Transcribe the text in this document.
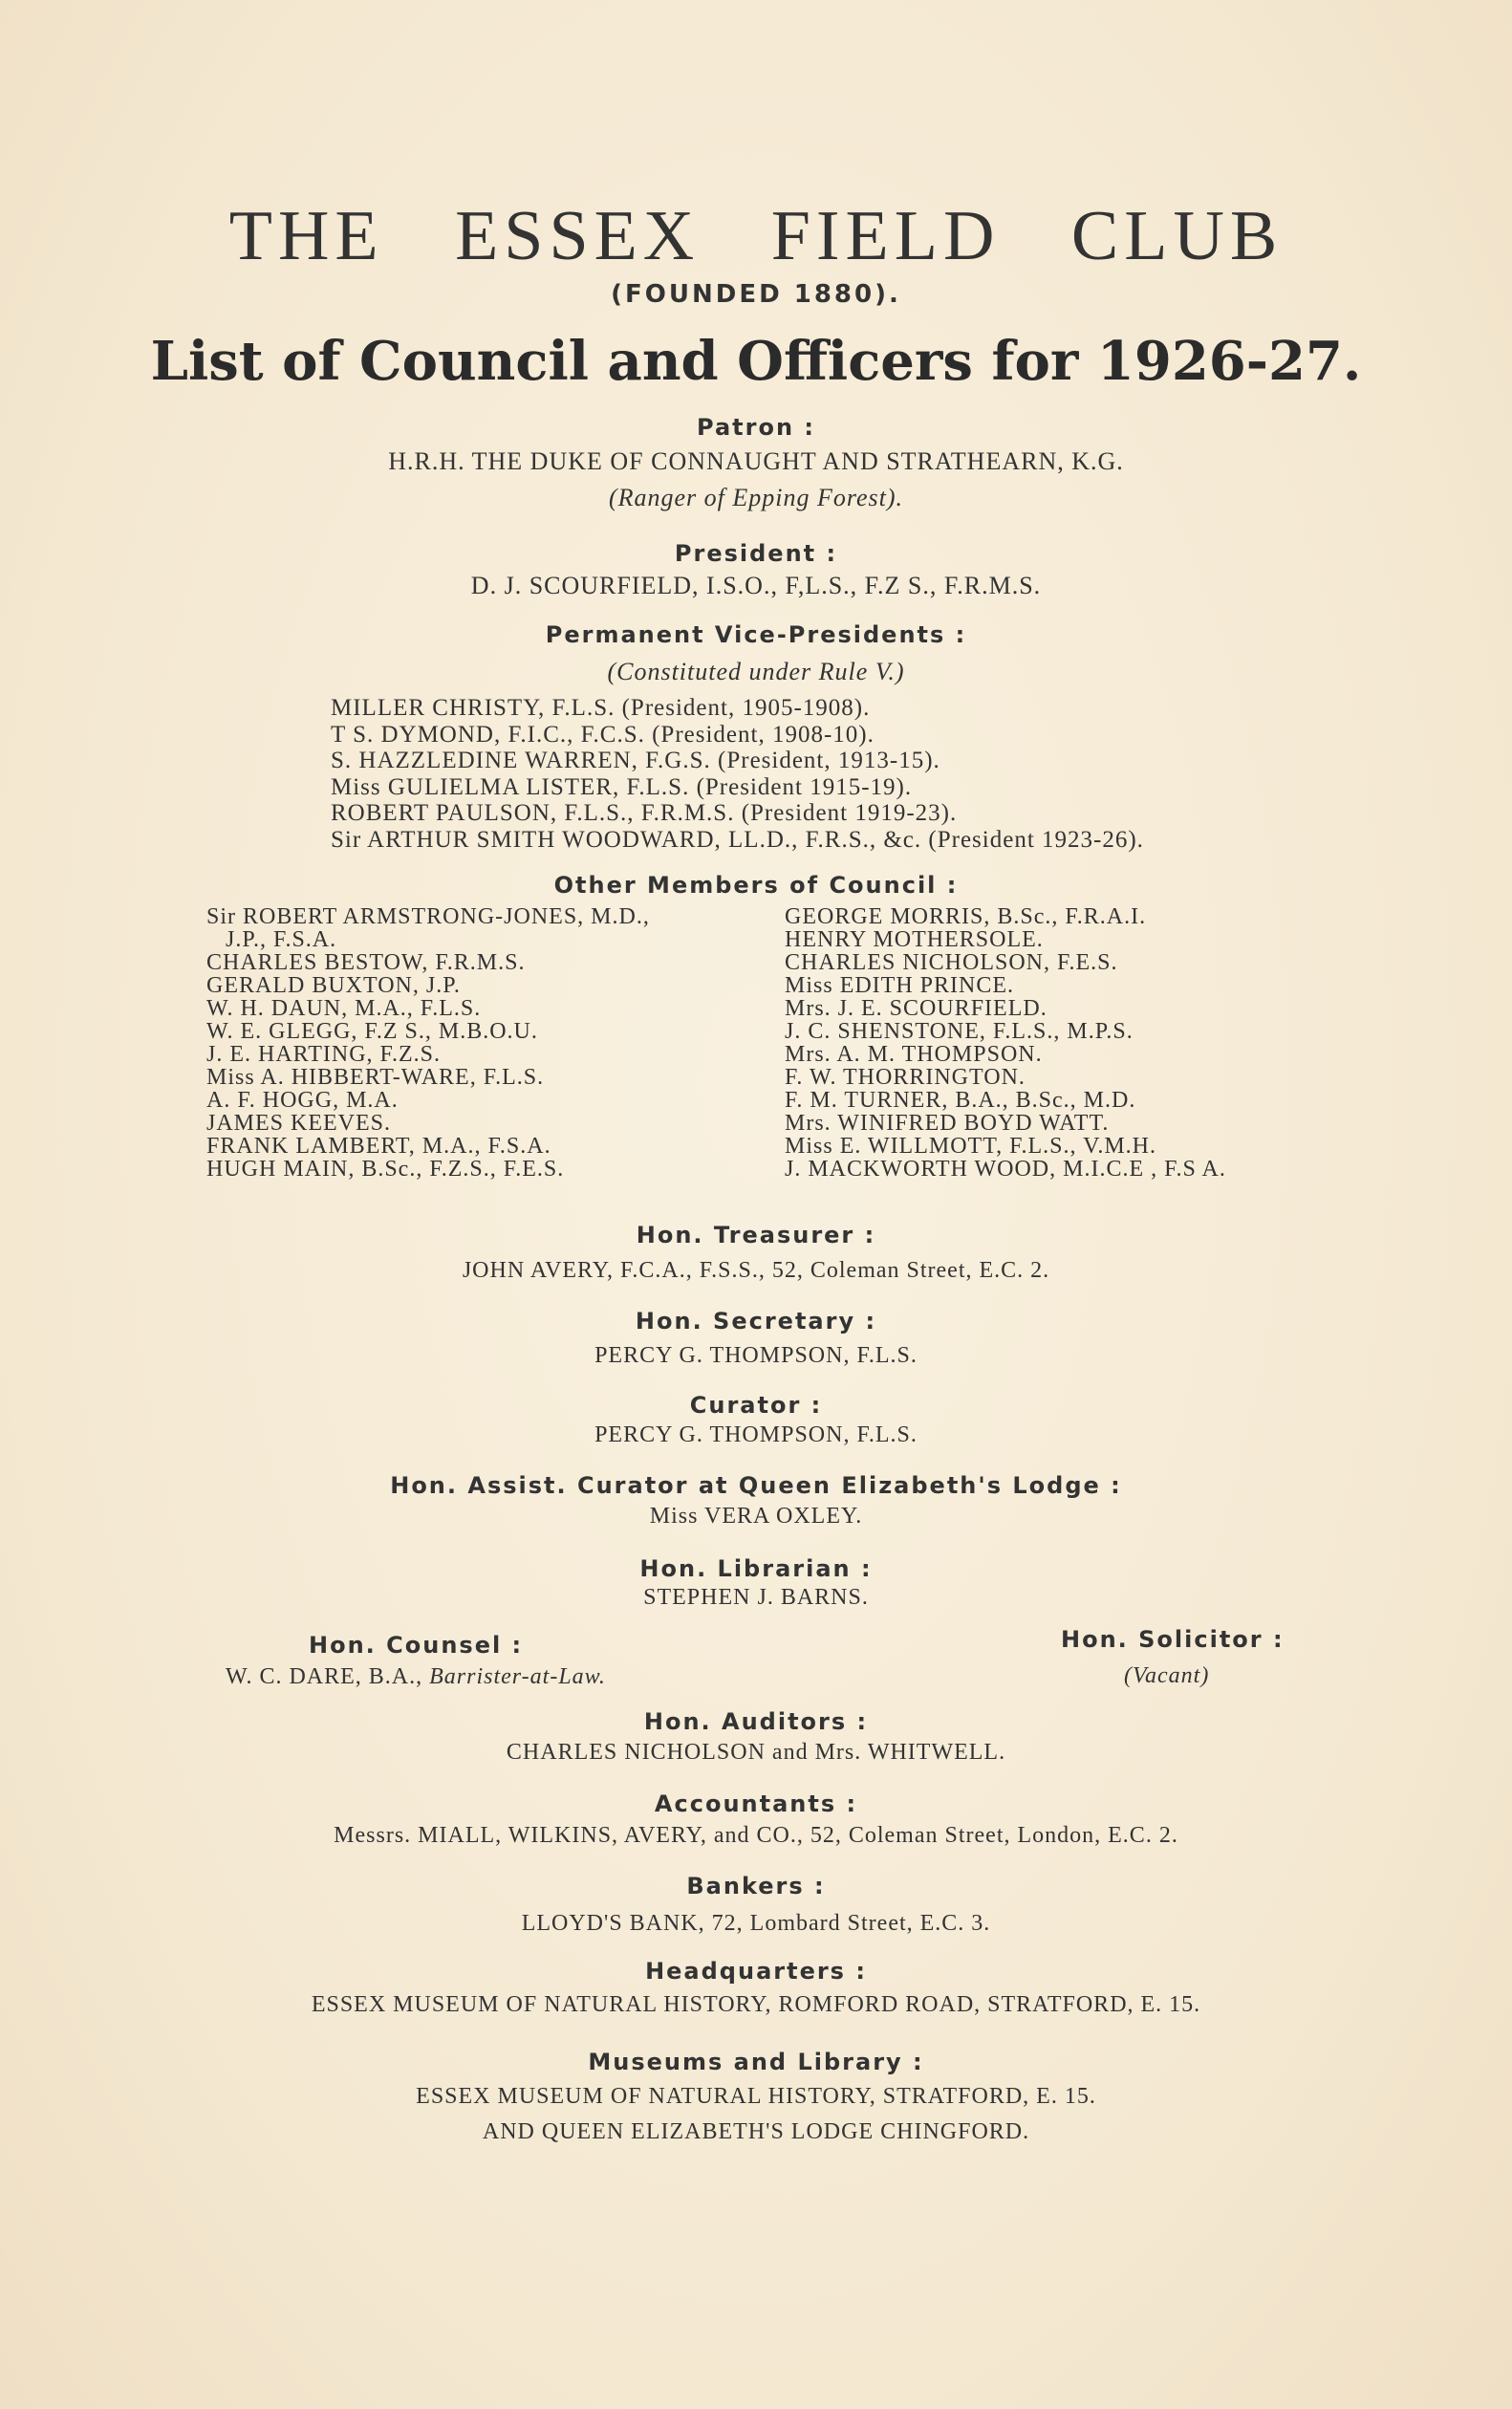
THE ESSEX FIELD CLUB
(FOUNDED 1880).
List of Council and Officers for 1926-27.
Patron :
H.R.H. THE DUKE OF CONNAUGHT AND STRATHEARN, K.G.
(Ranger of Epping Forest).
President :
D. J. SCOURFIELD, I.S.O., F,L.S., F.Z S., F.R.M.S.
Permanent Vice-Presidents :
(Constituted under Rule V.)
MILLER CHRISTY, F.L.S. (President, 1905-1908).
T S. DYMOND, F.I.C., F.C.S. (President, 1908-10).
S. HAZZLEDINE WARREN, F.G.S. (President, 1913-15).
Miss GULIELMA LISTER, F.L.S. (President 1915-19).
ROBERT PAULSON, F.L.S., F.R.M.S. (President 1919-23).
Sir ARTHUR SMITH WOODWARD, LL.D., F.R.S., &c. (President 1923-26).
Other Members of Council :
Sir ROBERT ARMSTRONG-JONES, M.D.,
J.P., F.S.A.
CHARLES BESTOW, F.R.M.S.
GERALD BUXTON, J.P.
W. H. DAUN, M.A., F.L.S.
W. E. GLEGG, F.Z S., M.B.O.U.
J. E. HARTING, F.Z.S.
Miss A. HIBBERT-WARE, F.L.S.
A. F. HOGG, M.A.
JAMES KEEVES.
FRANK LAMBERT, M.A., F.S.A.
HUGH MAIN, B.Sc., F.Z.S., F.E.S.
GEORGE MORRIS, B.Sc., F.R.A.I.
HENRY MOTHERSOLE.
CHARLES NICHOLSON, F.E.S.
Miss EDITH PRINCE.
Mrs. J. E. SCOURFIELD.
J. C. SHENSTONE, F.L.S., M.P.S.
Mrs. A. M. THOMPSON.
F. W. THORRINGTON.
F. M. TURNER, B.A., B.Sc., M.D.
Mrs. WINIFRED BOYD WATT.
Miss E. WILLMOTT, F.L.S., V.M.H.
J. MACKWORTH WOOD, M.I.C.E , F.S A.
Hon. Treasurer :
JOHN AVERY, F.C.A., F.S.S., 52, Coleman Street, E.C. 2.
Hon. Secretary :
PERCY G. THOMPSON, F.L.S.
Curator :
PERCY G. THOMPSON, F.L.S.
Hon. Assist. Curator at Queen Elizabeth's Lodge :
Miss VERA OXLEY.
Hon. Librarian :
STEPHEN J. BARNS.
Hon. Counsel :
W. C. DARE, B.A., Barrister-at-Law.
Hon. Solicitor :
(Vacant)
Hon. Auditors :
CHARLES NICHOLSON and Mrs. WHITWELL.
Accountants :
Messrs. MIALL, WILKINS, AVERY, and CO., 52, Coleman Street, London, E.C. 2.
Bankers :
LLOYD'S BANK, 72, Lombard Street, E.C. 3.
Headquarters :
ESSEX MUSEUM OF NATURAL HISTORY, ROMFORD ROAD, STRATFORD, E. 15.
Museums and Library :
ESSEX MUSEUM OF NATURAL HISTORY, STRATFORD, E. 15.
AND QUEEN ELIZABETH'S LODGE CHINGFORD.
